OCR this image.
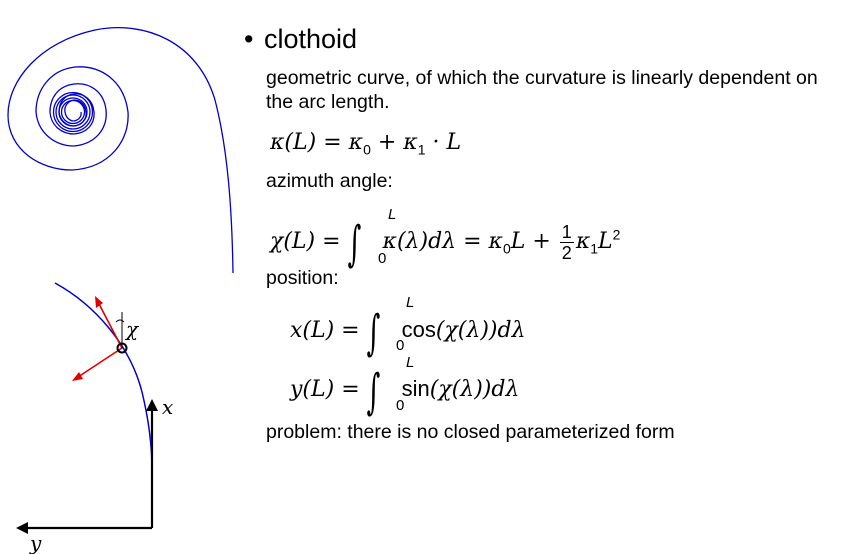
χ
x
y
• clothoid
geometric curve, of which the curvature is linearly dependent on the arc length.
$\kappa(L) = \kappa_0 + \kappa_1 \cdot L$
azimuth angle:
χ(L) = ∫ $\kappa(\lambda)d\lambda = \kappa_0L + \frac{1}{2} \kappa_1L^2$
L
0
position:
x(L) = ∫ cos(χ(λ))dλ
L
0
y(L) = ∫ sin(χ(λ))dλ
L
0
problem: there is no closed parameterized form
